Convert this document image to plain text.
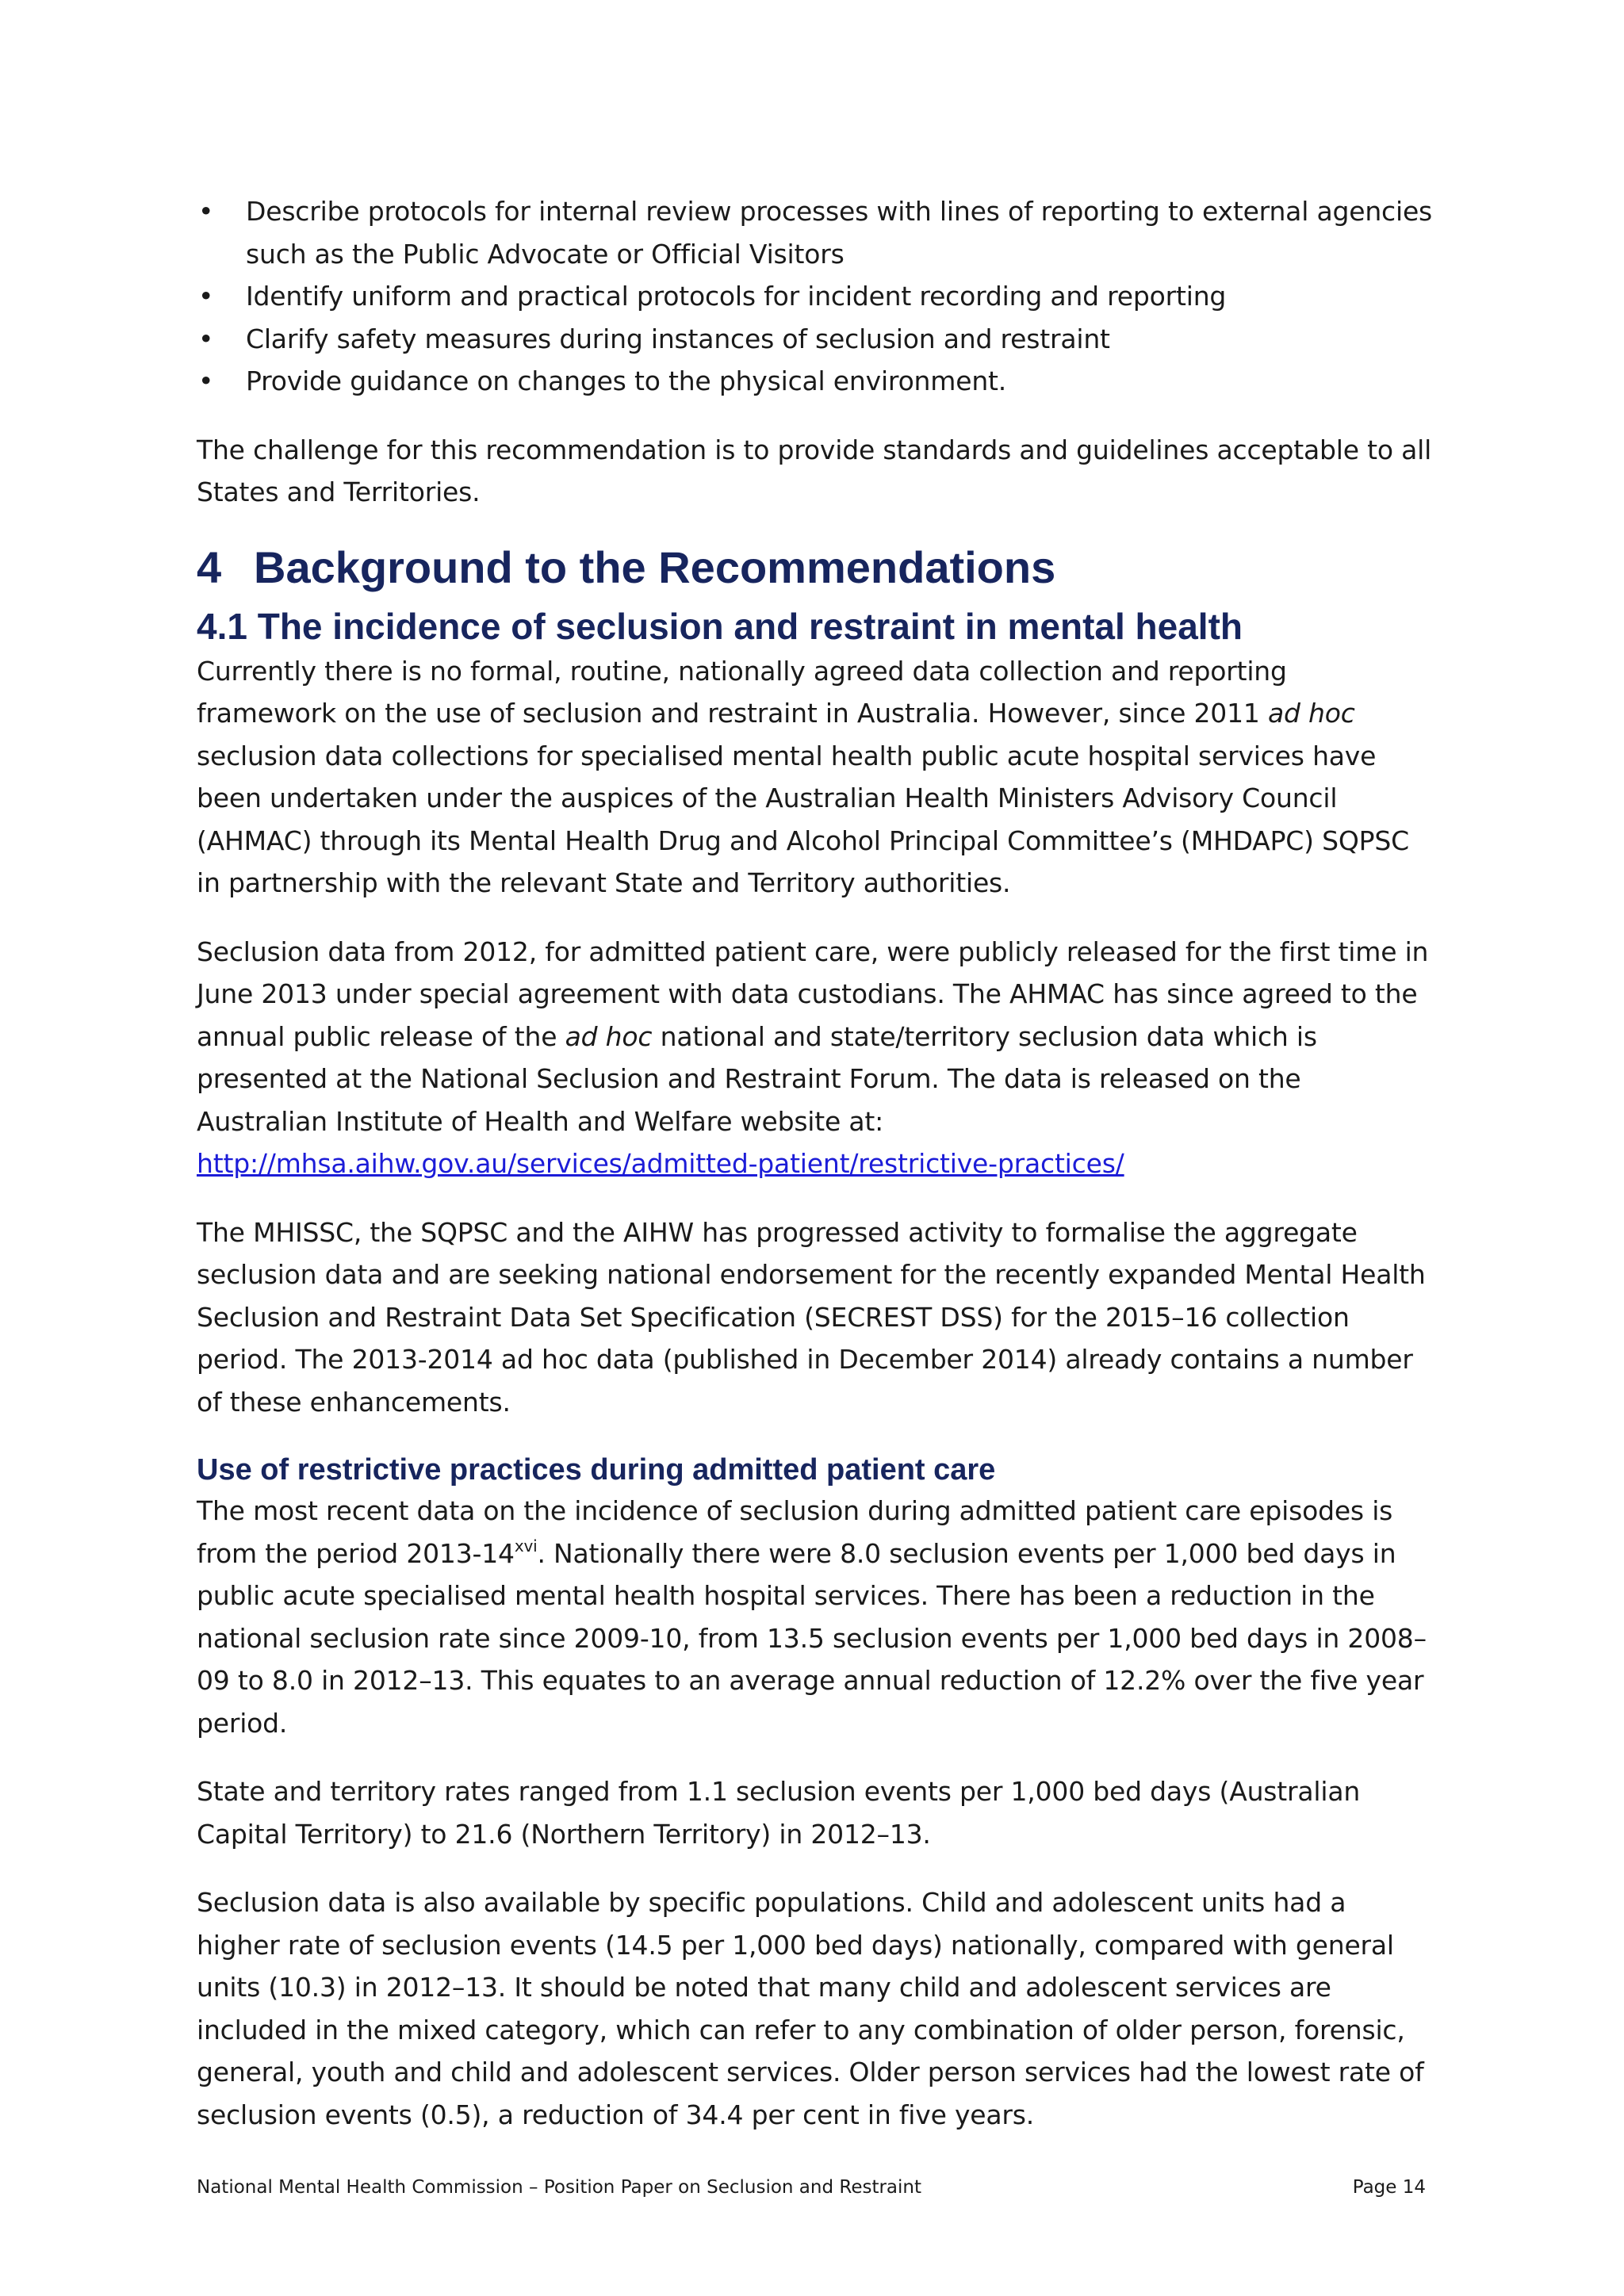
• Describe protocols for internal review processes with lines of reporting to external agencies such as the Public Advocate or Official Visitors
• Identify uniform and practical protocols for incident recording and reporting
• Clarify safety measures during instances of seclusion and restraint
• Provide guidance on changes to the physical environment.

The challenge for this recommendation is to provide standards and guidelines acceptable to all States and Territories.

4 Background to the Recommendations
4.1 The incidence of seclusion and restraint in mental health

Currently there is no formal, routine, nationally agreed data collection and reporting framework on the use of seclusion and restraint in Australia. However, since 2011 ad hoc seclusion data collections for specialised mental health public acute hospital services have been undertaken under the auspices of the Australian Health Ministers Advisory Council (AHMAC) through its Mental Health Drug and Alcohol Principal Committee’s (MHDAPC) SQPSC in partnership with the relevant State and Territory authorities.

Seclusion data from 2012, for admitted patient care, were publicly released for the first time in June 2013 under special agreement with data custodians. The AHMAC has since agreed to the annual public release of the ad hoc national and state/territory seclusion data which is presented at the National Seclusion and Restraint Forum. The data is released on the Australian Institute of Health and Welfare website at: http://mhsa.aihw.gov.au/services/admitted-patient/restrictive-practices/

The MHISSC, the SQPSC and the AIHW has progressed activity to formalise the aggregate seclusion data and are seeking national endorsement for the recently expanded Mental Health Seclusion and Restraint Data Set Specification (SECREST DSS) for the 2015–16 collection period. The 2013-2014 ad hoc data (published in December 2014) already contains a number of these enhancements.

Use of restrictive practices during admitted patient care

The most recent data on the incidence of seclusion during admitted patient care episodes is from the period 2013-14$^{xvi}$. Nationally there were 8.0 seclusion events per 1,000 bed days in public acute specialised mental health hospital services. There has been a reduction in the national seclusion rate since 2009-10, from 13.5 seclusion events per 1,000 bed days in 2008–09 to 8.0 in 2012–13. This equates to an average annual reduction of 12.2% over the five year period.

State and territory rates ranged from 1.1 seclusion events per 1,000 bed days (Australian Capital Territory) to 21.6 (Northern Territory) in 2012–13.

Seclusion data is also available by specific populations. Child and adolescent units had a higher rate of seclusion events (14.5 per 1,000 bed days) nationally, compared with general units (10.3) in 2012–13. It should be noted that many child and adolescent services are included in the mixed category, which can refer to any combination of older person, forensic, general, youth and child and adolescent services. Older person services had the lowest rate of seclusion events (0.5), a reduction of 34.4 per cent in five years.

National Mental Health Commission – Position Paper on Seclusion and Restraint	Page 14
